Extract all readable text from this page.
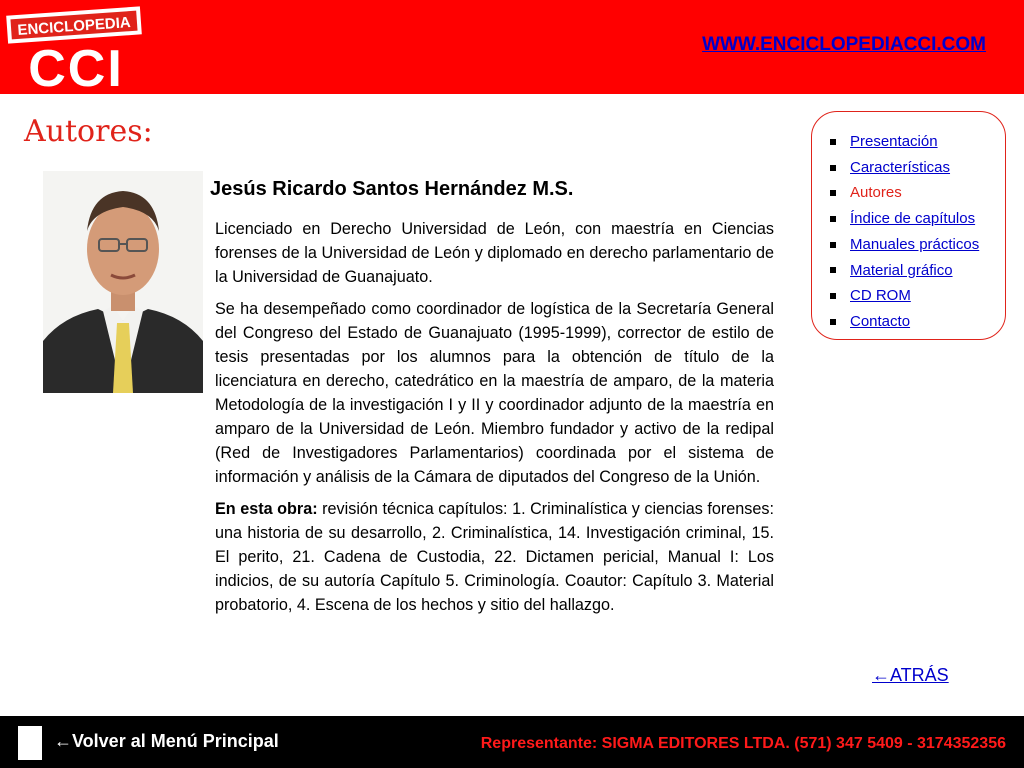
ENCICLOPEDIA
CCI	WWW.ENCICLOPEDIACCI.COM
Autores:
Jesús Ricardo Santos Hernández M.S.

Licenciado en Derecho Universidad de León, con maestría en Ciencias forenses de la Universidad de León y diplomado en derecho parlamentario de la Universidad de Guanajuato.

Se ha desempeñado como coordinador de logística de la Secretaría General del Congreso del Estado de Guanajuato (1995-1999), corrector de estilo de tesis presentadas por los alumnos para la obtención de título de la licenciatura en derecho, catedrático en la maestría de amparo, de la materia Metodología de la investigación I y II y coordinador adjunto de la maestría en amparo de la Universidad de León. Miembro fundador y activo de la redipal (Red de Investigadores Parlamentarios) coordinada por el sistema de información y análisis de la Cámara de diputados del Congreso de la Unión.

En esta obra: revisión técnica capítulos: 1. Criminalística y ciencias forenses: una historia de su desarrollo, 2. Criminalística, 14. Investigación criminal, 15. El perito, 21. Cadena de Custodia, 22. Dictamen pericial, Manual I: Los indicios, de su autoría Capítulo 5. Criminología. Coautor: Capítulo 3. Material probatorio, 4. Escena de los hechos y sitio del hallazgo.

Presentación
Características
Autores
Índice de capítulos
Manuales prácticos
Material gráfico
CD ROM
Contacto
←ATRÁS
←Volver al Menú Principal	Representante: SIGMA EDITORES LTDA. (571) 347 5409 - 3174352356
